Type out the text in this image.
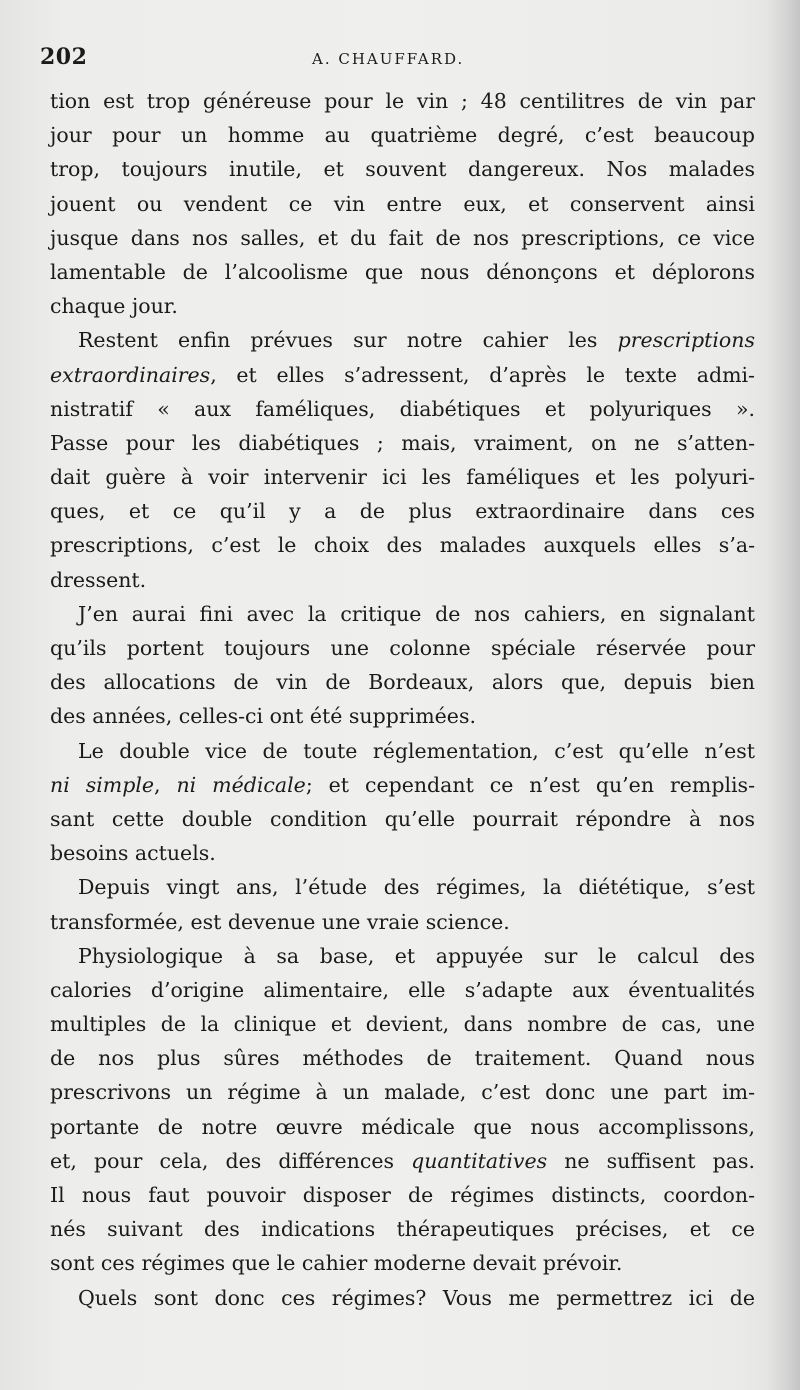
202	A. CHAUFFARD.
tion est trop généreuse pour le vin ; 48 centilitres de vin par
jour pour un homme au quatrième degré, c’est beaucoup
trop, toujours inutile, et souvent dangereux. Nos malades
jouent ou vendent ce vin entre eux, et conservent ainsi
jusque dans nos salles, et du fait de nos prescriptions, ce vice
lamentable de l’alcoolisme que nous dénonçons et déplorons
chaque jour.
Restent enfin prévues sur notre cahier les prescriptions
extraordinaires, et elles s’adressent, d’après le texte admi-
nistratif « aux faméliques, diabétiques et polyuriques ».
Passe pour les diabétiques ; mais, vraiment, on ne s’atten-
dait guère à voir intervenir ici les faméliques et les polyuri-
ques, et ce qu’il y a de plus extraordinaire dans ces
prescriptions, c’est le choix des malades auxquels elles s’a-
dressent.
J’en aurai fini avec la critique de nos cahiers, en signalant
qu’ils portent toujours une colonne spéciale réservée pour
des allocations de vin de Bordeaux, alors que, depuis bien
des années, celles-ci ont été supprimées.
Le double vice de toute réglementation, c’est qu’elle n’est
ni simple, ni médicale; et cependant ce n’est qu’en remplis-
sant cette double condition qu’elle pourrait répondre à nos
besoins actuels.
Depuis vingt ans, l’étude des régimes, la diététique, s’est
transformée, est devenue une vraie science.
Physiologique à sa base, et appuyée sur le calcul des
calories d’origine alimentaire, elle s’adapte aux éventualités
multiples de la clinique et devient, dans nombre de cas, une
de nos plus sûres méthodes de traitement. Quand nous
prescrivons un régime à un malade, c’est donc une part im-
portante de notre œuvre médicale que nous accomplissons,
et, pour cela, des différences quantitatives ne suffisent pas.
Il nous faut pouvoir disposer de régimes distincts, coordon-
nés suivant des indications thérapeutiques précises, et ce
sont ces régimes que le cahier moderne devait prévoir.
Quels sont donc ces régimes? Vous me permettrez ici de
